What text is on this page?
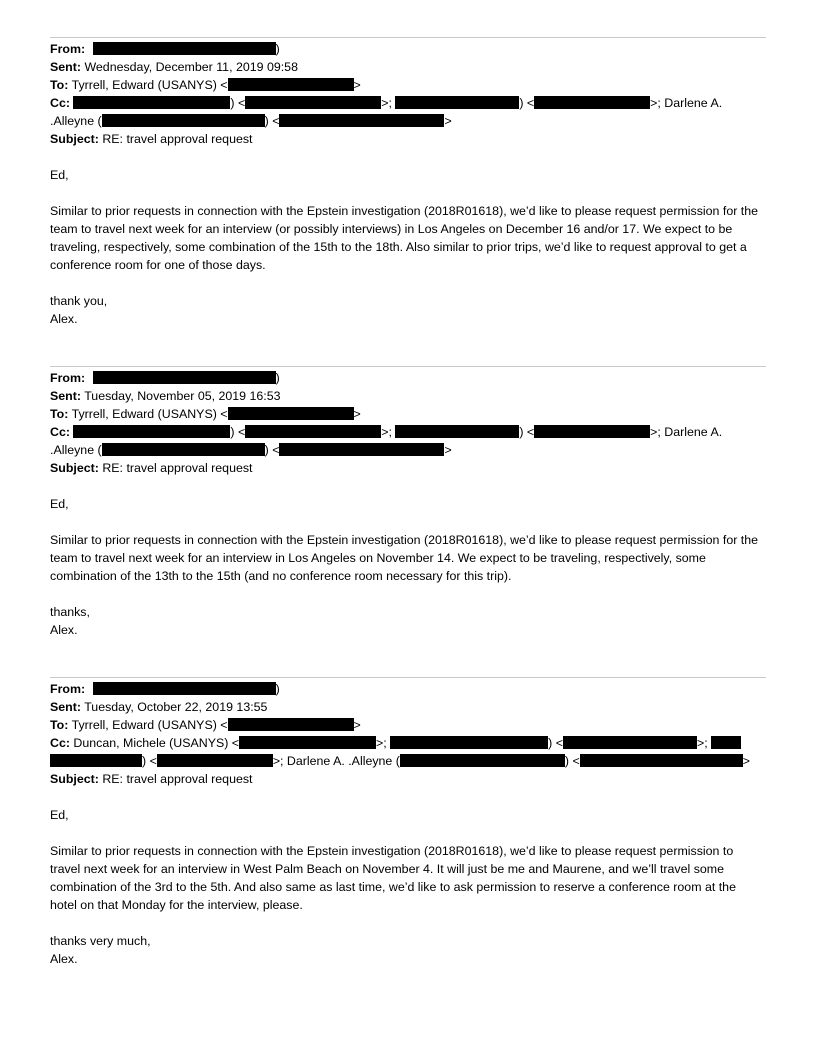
From:	)
Sent: Wednesday, December 11, 2019 09:58
To: Tyrrell, Edward (USANYS) <	>
Cc:	) <	>;	) <	>; Darlene A.
.Alleyne (	) <	>
Subject: RE: travel approval request
Ed,
Similar to prior requests in connection with the Epstein investigation (2018R01618), we’d like to please request permission for the team to travel next week for an interview (or possibly interviews) in Los Angeles on December 16 and/or 17. We expect to be traveling, respectively, some combination of the 15th to the 18th. Also similar to prior trips, we’d like to request approval to get a conference room for one of those days.
thank you,
Alex.
From:	)
Sent: Tuesday, November 05, 2019 16:53
To: Tyrrell, Edward (USANYS) <	>
Cc:	) <	>;	) <	>; Darlene A.
.Alleyne (	) <	>
Subject: RE: travel approval request
Ed,
Similar to prior requests in connection with the Epstein investigation (2018R01618), we’d like to please request permission for the team to travel next week for an interview in Los Angeles on November 14. We expect to be traveling, respectively, some combination of the 13th to the 15th (and no conference room necessary for this trip).
thanks,
Alex.
From:	)
Sent: Tuesday, October 22, 2019 13:55
To: Tyrrell, Edward (USANYS) <	>
Cc: Duncan, Michele (USANYS) <	>;	) <	>;
) <	>; Darlene A. .Alleyne (	) <	>
Subject: RE: travel approval request
Ed,
Similar to prior requests in connection with the Epstein investigation (2018R01618), we’d like to please request permission to travel next week for an interview in West Palm Beach on November 4. It will just be me and Maurene, and we’ll travel some combination of the 3rd to the 5th. And also same as last time, we’d like to ask permission to reserve a conference room at the hotel on that Monday for the interview, please.
thanks very much,
Alex.
